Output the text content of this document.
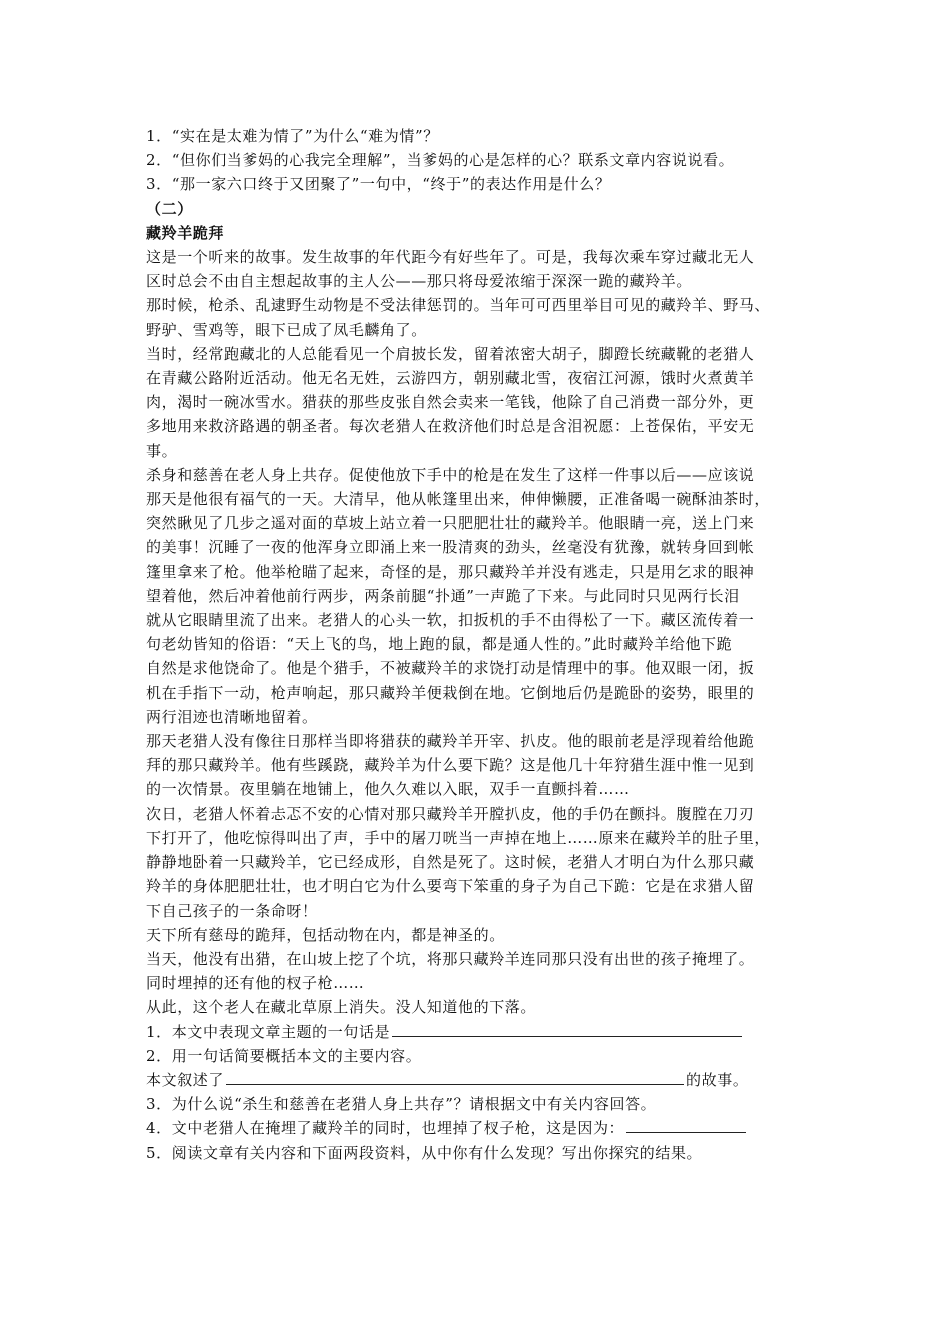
1．“实在是太难为情了”为什么“难为情”？
2．“但你们当爹妈的心我完全理解”，当爹妈的心是怎样的心？联系文章内容说说看。
3．“那一家六口终于又团聚了”一句中，“终于”的表达作用是什么？
（二）
藏羚羊跪拜
这是一个听来的故事。发生故事的年代距今有好些年了。可是，我每次乘车穿过藏北无人
区时总会不由自主想起故事的主人公——那只将母爱浓缩于深深一跪的藏羚羊。
那时候，枪杀、乱逮野生动物是不受法律惩罚的。当年可可西里举目可见的藏羚羊、野马、
野驴、雪鸡等，眼下已成了凤毛麟角了。
当时，经常跑藏北的人总能看见一个肩披长发，留着浓密大胡子，脚蹬长统藏靴的老猎人
在青藏公路附近活动。他无名无姓，云游四方，朝别藏北雪，夜宿江河源，饿时火煮黄羊
肉，渴时一碗冰雪水。猎获的那些皮张自然会卖来一笔钱，他除了自己消费一部分外，更
多地用来救济路遇的朝圣者。每次老猎人在救济他们时总是含泪祝愿：上苍保佑，平安无
事。
杀身和慈善在老人身上共存。促使他放下手中的枪是在发生了这样一件事以后——应该说
那天是他很有福气的一天。大清早，他从帐篷里出来，伸伸懒腰，正准备喝一碗酥油茶时，
突然瞅见了几步之遥对面的草坡上站立着一只肥肥壮壮的藏羚羊。他眼睛一亮，送上门来
的美事！沉睡了一夜的他浑身立即涌上来一股清爽的劲头，丝毫没有犹豫，就转身回到帐
篷里拿来了枪。他举枪瞄了起来，奇怪的是，那只藏羚羊并没有逃走，只是用乞求的眼神
望着他，然后冲着他前行两步，两条前腿“扑通”一声跪了下来。与此同时只见两行长泪
就从它眼睛里流了出来。老猎人的心头一软，扣扳机的手不由得松了一下。藏区流传着一
句老幼皆知的俗语：“天上飞的鸟，地上跑的鼠，都是通人性的。”此时藏羚羊给他下跪
自然是求他饶命了。他是个猎手，不被藏羚羊的求饶打动是情理中的事。他双眼一闭，扳
机在手指下一动，枪声响起，那只藏羚羊便栽倒在地。它倒地后仍是跪卧的姿势，眼里的
两行泪迹也清晰地留着。
那天老猎人没有像往日那样当即将猎获的藏羚羊开宰、扒皮。他的眼前老是浮现着给他跪
拜的那只藏羚羊。他有些蹊跷，藏羚羊为什么要下跪？这是他几十年狩猎生涯中惟一见到
的一次情景。夜里躺在地铺上，他久久难以入眠，双手一直颤抖着……
次日，老猎人怀着忐忑不安的心情对那只藏羚羊开膛扒皮，他的手仍在颤抖。腹膛在刀刃
下打开了，他吃惊得叫出了声，手中的屠刀咣当一声掉在地上……原来在藏羚羊的肚子里，
静静地卧着一只藏羚羊，它已经成形，自然是死了。这时候，老猎人才明白为什么那只藏
羚羊的身体肥肥壮壮，也才明白它为什么要弯下笨重的身子为自己下跪：它是在求猎人留
下自己孩子的一条命呀！
天下所有慈母的跪拜，包括动物在内，都是神圣的。
当天，他没有出猎，在山坡上挖了个坑，将那只藏羚羊连同那只没有出世的孩子掩埋了。
同时埋掉的还有他的杈子枪……
从此，这个老人在藏北草原上消失。没人知道他的下落。
1．本文中表现文章主题的一句话是
2．用一句话简要概括本文的主要内容。
本文叙述了	的故事。
3．为什么说“杀生和慈善在老猎人身上共存”？请根据文中有关内容回答。
4．文中老猎人在掩埋了藏羚羊的同时，也埋掉了杈子枪，这是因为：
5．阅读文章有关内容和下面两段资料，从中你有什么发现？写出你探究的结果。
